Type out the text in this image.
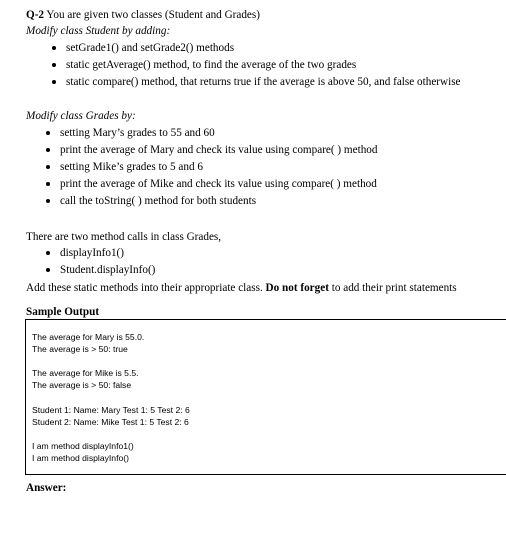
Q-2 You are given two classes (Student and Grades)
Modify class Student by adding:
setGrade1() and setGrade2() methods
static getAverage() method, to find the average of the two grades
static compare() method, that returns true if the average is above 50, and false otherwise
Modify class Grades by:
setting Mary’s grades to 55 and 60
print the average of Mary and check its value using compare( ) method
setting Mike’s grades to 5 and 6
print the average of Mike and check its value using compare( ) method
call the toString( ) method for both students
There are two method calls in class Grades,
displayInfo1()
Student.displayInfo()
Add these static methods into their appropriate class. Do not forget to add their print statements
Sample Output
The average for Mary is 55.0.
The average is > 50: true
The average for Mike is 5.5.
The average is > 50: false
Student 1: Name: Mary Test 1: 5 Test 2: 6
Student 2: Name: Mike Test 1: 5 Test 2: 6
I am method displayInfo1()
I am method displayInfo()
Answer:
